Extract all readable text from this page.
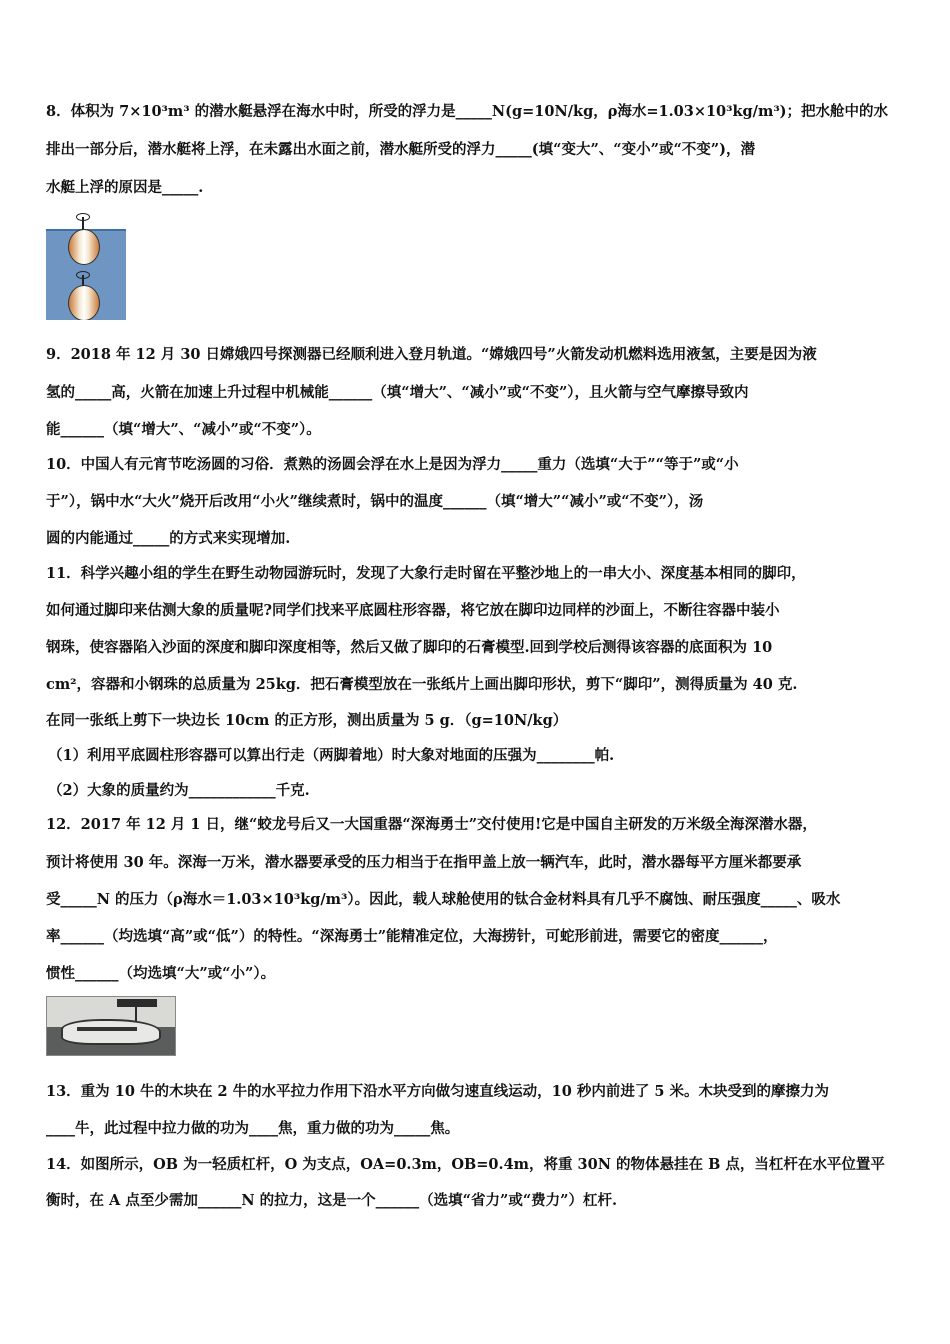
8．体积为 7×10³m³ 的潜水艇悬浮在海水中时，所受的浮力是_____N(g=10N/kg，ρ海水=1.03×10³kg/m³)；把水舱中的水
排出一部分后，潜水艇将上浮，在未露出水面之前，潜水艇所受的浮力_____(填“变大”、“变小”或“不变”)，潜
水艇上浮的原因是_____.
9．2018 年 12 月 30 日嫦娥四号探测器已经顺利进入登月轨道。“嫦娥四号”火箭发动机燃料选用液氢，主要是因为液
氢的_____高，火箭在加速上升过程中机械能______（填“增大”、“减小”或“不变”），且火箭与空气摩擦导致内
能______（填“增大”、“减小”或“不变”）。
10．中国人有元宵节吃汤圆的习俗．煮熟的汤圆会浮在水上是因为浮力_____重力（选填“大于”“等于”或“小
于”），锅中水“大火”烧开后改用“小火”继续煮时，锅中的温度______（填“增大”“减小”或“不变”），汤
圆的内能通过_____的方式来实现增加.
11．科学兴趣小组的学生在野生动物园游玩时，发现了大象行走时留在平整沙地上的一串大小、深度基本相同的脚印，
如何通过脚印来估测大象的质量呢?同学们找来平底圆柱形容器，将它放在脚印边同样的沙面上，不断往容器中装小
钢珠，使容器陷入沙面的深度和脚印深度相等，然后又做了脚印的石膏模型.回到学校后测得该容器的底面积为 10
cm²，容器和小钢珠的总质量为 25kg．把石膏模型放在一张纸片上画出脚印形状，剪下“脚印”，测得质量为 40 克.
在同一张纸上剪下一块边长 10cm 的正方形，测出质量为 5 g．（g=10N/kg）
（1）利用平底圆柱形容器可以算出行走（两脚着地）时大象对地面的压强为________帕.
（2）大象的质量约为____________千克.
12．2017 年 12 月 1 日，继“蛟龙号后又一大国重器“深海勇士”交付使用!它是中国自主研发的万米级全海深潜水器，
预计将使用 30 年。深海一万米，潜水器要承受的压力相当于在指甲盖上放一辆汽车，此时，潜水器每平方厘米都要承
受_____N 的压力（ρ海水＝1.03×10³kg/m³）。因此，载人球舱使用的钛合金材料具有几乎不腐蚀、耐压强度_____、吸水
率______（均选填“高”或“低”）的特性。“深海勇士”能精准定位，大海捞针，可蛇形前进，需要它的密度______，
惯性______（均选填“大”或“小”）。
13．重为 10 牛的木块在 2 牛的水平拉力作用下沿水平方向做匀速直线运动，10 秒内前进了 5 米。木块受到的摩擦力为
____牛，此过程中拉力做的功为____焦，重力做的功为_____焦。
14．如图所示，OB 为一轻质杠杆，O 为支点，OA=0.3m，OB=0.4m，将重 30N 的物体悬挂在 B 点，当杠杆在水平位置平
衡时，在 A 点至少需加______N 的拉力，这是一个______（选填“省力”或“费力”）杠杆.
